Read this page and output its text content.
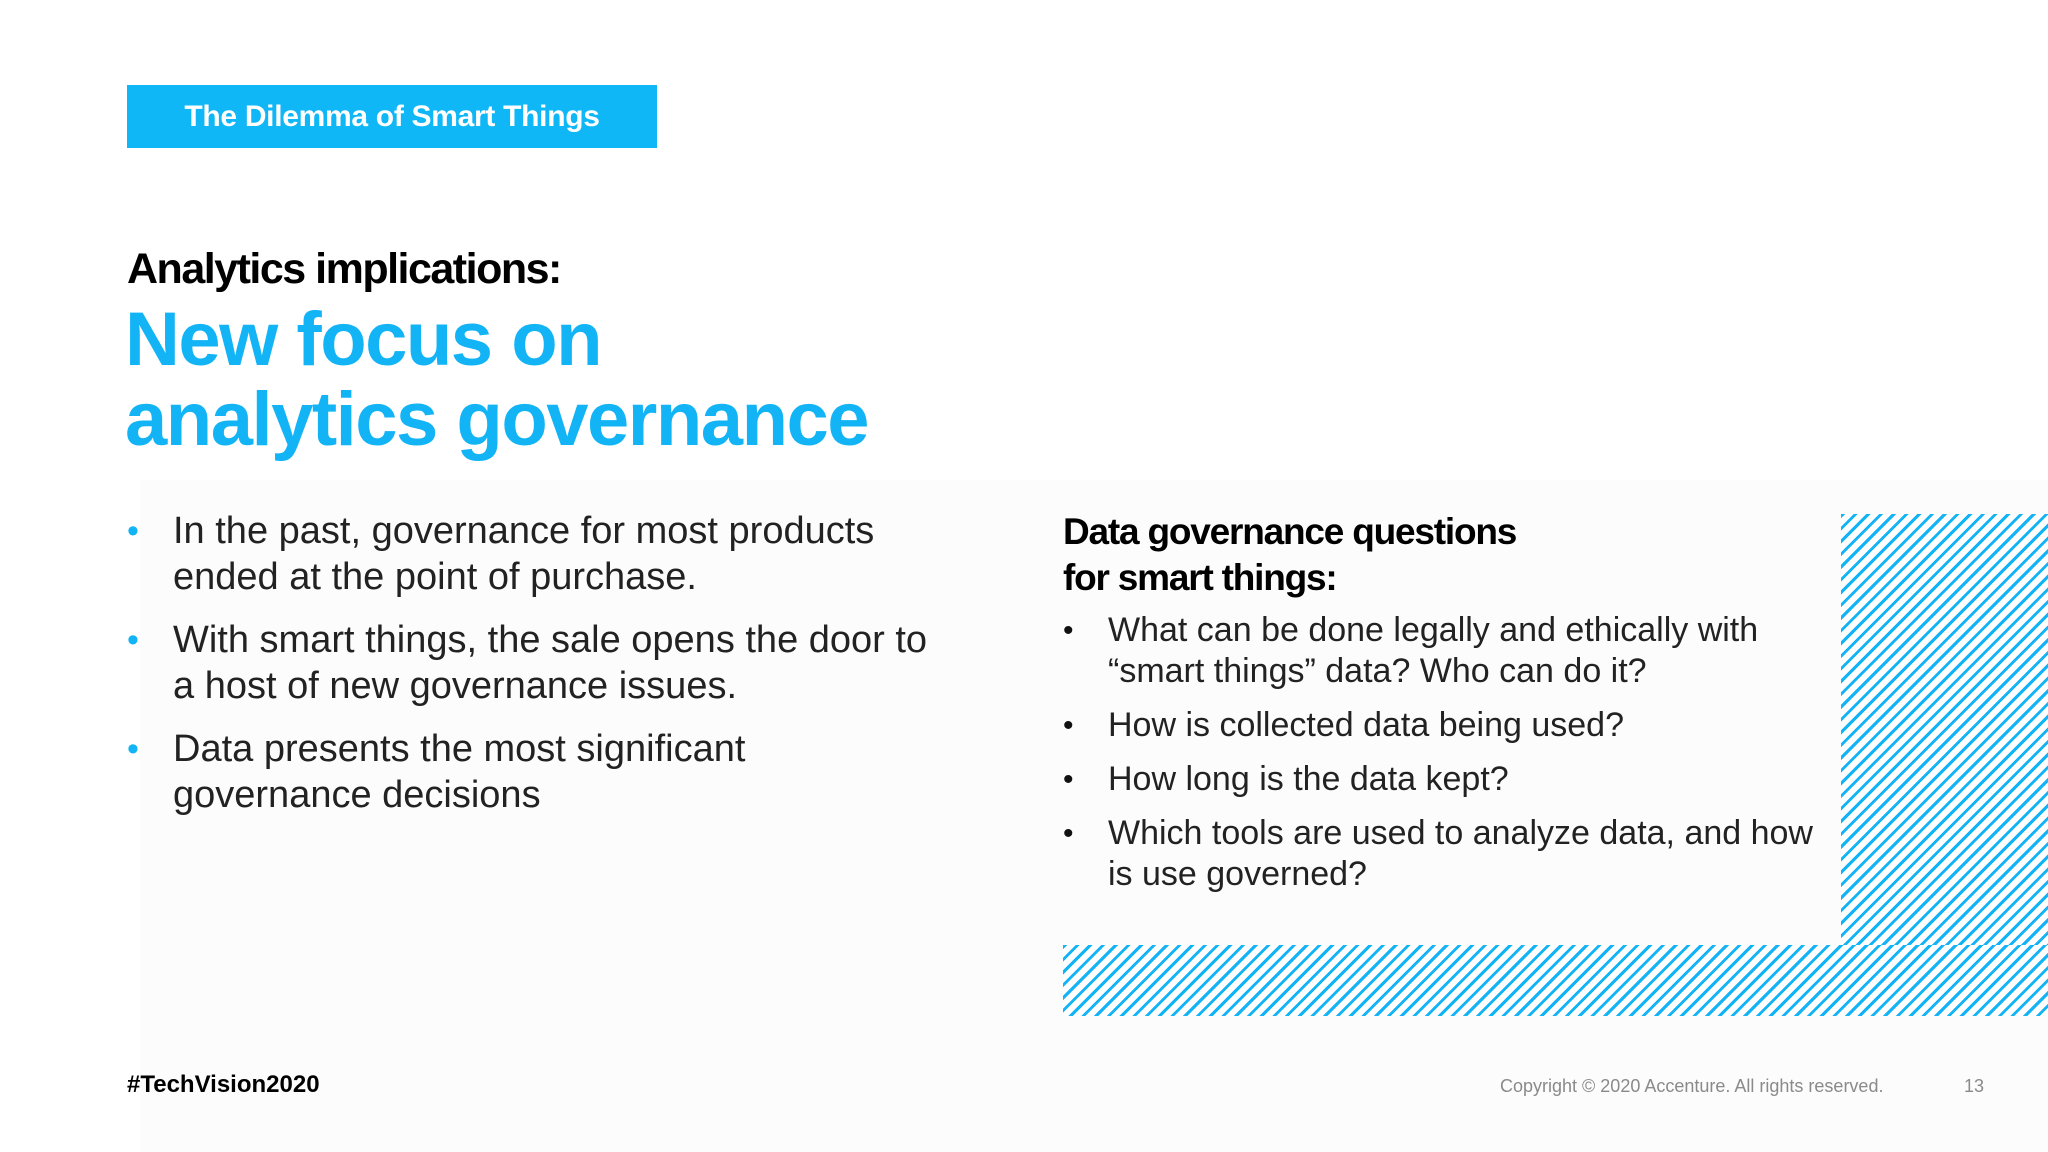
The Dilemma of Smart Things
Analytics implications:
New focus on
analytics governance
• In the past, governance for most products ended at the point of purchase.
• With smart things, the sale opens the door to a host of new governance issues.
• Data presents the most significant governance decisions
Data governance questions
for smart things:
• What can be done legally and ethically with “smart things” data? Who can do it?
• How is collected data being used?
• How long is the data kept?
• Which tools are used to analyze data, and how is use governed?
#TechVision2020	Copyright © 2020 Accenture. All rights reserved.	13
